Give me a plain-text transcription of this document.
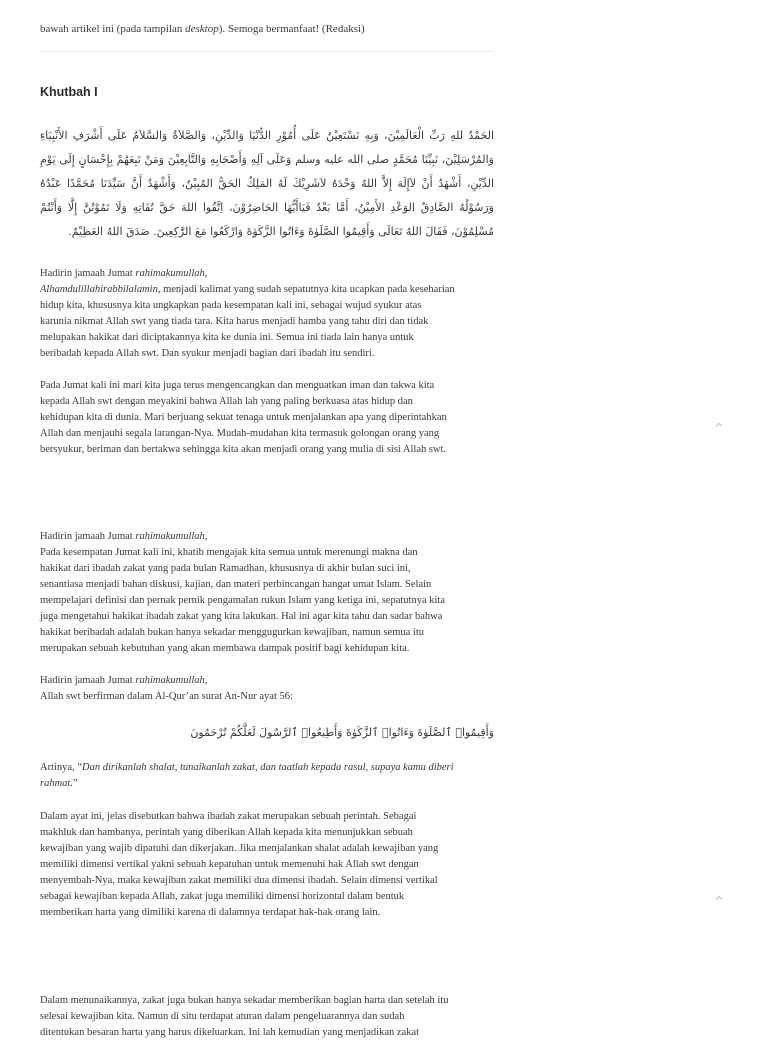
bawah artikel ini (pada tampilan desktop). Semoga bermanfaat! (Redaksi)

Khutbah I
الحَمْدُ للهِ رَبِّ الْعَالَمِيْنَ، وَبِهِ نَسْتَعِيْنُ عَلَى أُمُوْرِ الدُّنْيَا وَالدِّيْنِ، وَالصَّلاَةُ وَالسَّلاَمُ عَلَى أَشْرَفِ الأَنْبِيَاءِ وَالمُرْسَلِيْنَ، نَبِيِّنَا مُحَمَّدٍ صلى الله عليه وسلم وَعَلَى آلِهِ وَأَصْحَابِهِ وَالتَّابِعِيْنَ وَمَنْ تَبِعَهُمْ بِإِحْسَانٍ إِلَى يَوْمِ الدِّيْنِ، أَشْهَدُ أَنْ لاَإِلَهَ إِلاَّ اللهُ وَحْدَهُ لاَشَرِيْكَ لَهُ المَلِكُ الحَقُّ المُبِيْنُ، وَأَشْهَدُ أَنَّ سَيِّدَنَا مُحَمَّدًا عَبْدُهُ وَرَسُوْلُهُ الصَّادِقُ الوَعْدِ الأَمِيْنُ، أَمَّا بَعْدُ فَيَاأَيُّهَا الحَاضِرُوْنَ، اِتَّقُوا اللهَ حَقَّ تُقَاتِهِ وَلَا تَمُوْتُنَّ إِلَّا وَأَنْتُمْ مُسْلِمُوْنَ، فَقَالَ اللهُ تَعَالَى وَأَقِيمُوا الصَّلَوٰةَ وَءَاتُوا الزَّكَوٰةَ وَارْكَعُوا مَعَ الرَّٰكِعِينَ. صَدَقَ اللهُ العَظِيْمُ.
Hadirin jamaah Jumat rahimakumullah,
Alhamdulillahirabbilalamin, menjadi kalimat yang sudah sepatutnya kita ucapkan pada keseharian
hidup kita, khususnya kita ungkapkan pada kesempatan kali ini, sebagai wujud syukur atas
karunia nikmat Allah swt yang tiada tara. Kita harus menjadi hamba yang tahu diri dan tidak
melupakan hakikat dari diciptakannya kita ke dunia ini. Semua ini tiada lain hanya untuk
beribadah kepada Allah swt. Dan syukur menjadi bagian dari ibadah itu sendiri.
Pada Jumat kali ini mari kita juga terus mengencangkan dan menguatkan iman dan takwa kita
kepada Allah swt dengan meyakini bahwa Allah lah yang paling berkuasa atas hidup dan
kehidupan kita di dunia. Mari berjuang sekuat tenaga untuk menjalankan apa yang diperintahkan
Allah dan menjauhi segala larangan-Nya. Mudah-mudahan kita termasuk golongan orang yang
bersyukur, beriman dan bertakwa sehingga kita akan menjadi orang yang mulia di sisi Allah swt.
Hadirin jamaah Jumat rahimakumullah,
Pada kesempatan Jumat kali ini, khatib mengajak kita semua untuk merenungi makna dan
hakikat dari ibadah zakat yang pada bulan Ramadhan, khususnya di akhir bulan suci ini,
senantiasa menjadi bahan diskusi, kajian, dan materi perbincangan hangat umat Islam. Selain
mempelajari definisi dan pernak pernik pengamalan rukun Islam yang ketiga ini, sepatutnya kita
juga mengetahui hakikat ibadah zakat yang kita lakukan. Hal ini agar kita tahu dan sadar bahwa
hakikat beribadah adalah bukan hanya sekadar menggugurkan kewajiban, namun semua itu
merupakan sebuah kebutuhan yang akan membawa dampak positif bagi kehidupan kita.
Hadirin jamaah Jumat rahimakumullah,
Allah swt berfirman dalam Al-Qur’an surat An-Nur ayat 56:
وَأَقِيمُوا۟ ٱلصَّلَوٰةَ وَءَاتُوا۟ ٱلزَّكَوٰةَ وَأَطِيعُوا۟ ٱلرَّسُولَ لَعَلَّكُمْ تُرْحَمُونَ
Artinya, “Dan dirikanlah shalat, tunaikanlah zakat, dan taatlah kepada rasul, supaya kamu diberi
rahmat.”
Dalam ayat ini, jelas disebutkan bahwa ibadah zakat merupakan sebuah perintah. Sebagai
makhluk dan hambanya, perintah yang diberikan Allah kepada kita menunjukkan sebuah
kewajiban yang wajib dipatuhi dan dikerjakan. Jika menjalankan shalat adalah kewajiban yang
memiliki dimensi vertikal yakni sebuah kepatuhan untuk memenuhi hak Allah swt dengan
menyembah-Nya, maka kewajiban zakat memiliki dua dimensi ibadah. Selain dimensi vertikal
sebagai kewajiban kepada Allah, zakat juga memiliki dimensi horizontal dalam bentuk
memberikan harta yang dimiliki karena di dalamnya terdapat hak-hak orang lain.
Dalam menunaikannya, zakat juga bukan hanya sekadar memberikan bagian harta dan setelah itu
selesai kewajiban kita. Namun di situ terdapat aturan dalam pengeluarannya dan sudah
ditentukan besaran harta yang harus dikeluarkan. Ini lah kemudian yang menjadikan zakat
